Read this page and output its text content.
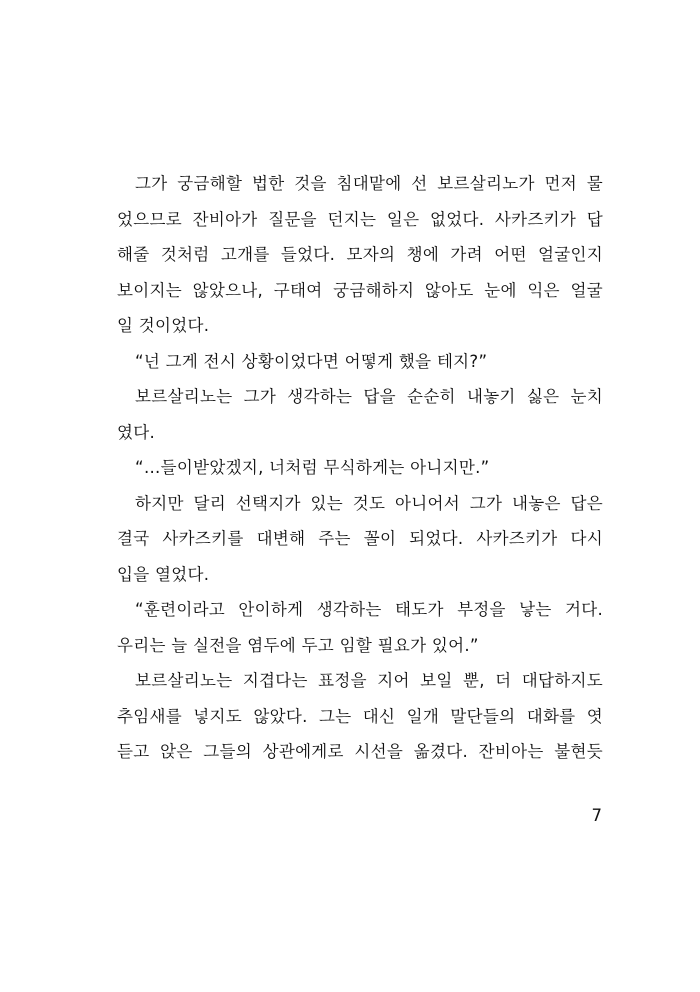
그가 궁금해할 법한 것을 침대맡에 선 보르살리노가 먼저 물
었으므로 잔비아가 질문을 던지는 일은 없었다. 사카즈키가 답
해줄 것처럼 고개를 들었다. 모자의 챙에 가려 어떤 얼굴인지
보이지는 않았으나, 구태여 궁금해하지 않아도 눈에 익은 얼굴
일 것이었다.
“넌 그게 전시 상황이었다면 어떻게 했을 테지?”
보르살리노는 그가 생각하는 답을 순순히 내놓기 싫은 눈치
였다.
“…들이받았겠지, 너처럼 무식하게는 아니지만.”
하지만 달리 선택지가 있는 것도 아니어서 그가 내놓은 답은
결국 사카즈키를 대변해 주는 꼴이 되었다. 사카즈키가 다시
입을 열었다.
“훈련이라고 안이하게 생각하는 태도가 부정을 낳는 거다.
우리는 늘 실전을 염두에 두고 임할 필요가 있어.”
보르살리노는 지겹다는 표정을 지어 보일 뿐, 더 대답하지도
추임새를 넣지도 않았다. 그는 대신 일개 말단들의 대화를 엿
듣고 앉은 그들의 상관에게로 시선을 옮겼다. 잔비아는 불현듯
7
